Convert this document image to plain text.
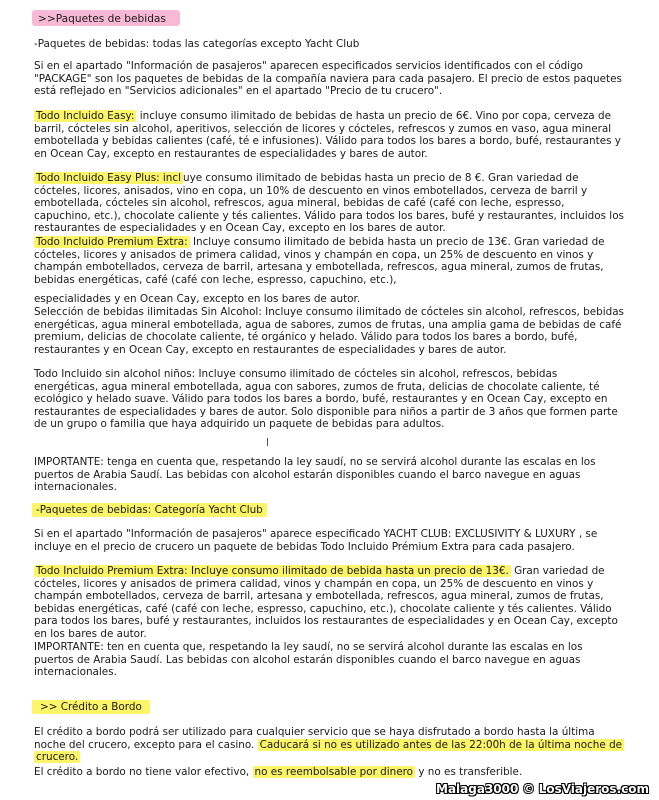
>>Paquetes de bebidas
-Paquetes de bebidas: todas las categorías excepto Yacht Club
Si en el apartado "Información de pasajeros" aparecen especificados servicios identificados con el código "PACKAGE" son los paquetes de bebidas de la compañía naviera para cada pasajero. El precio de estos paquetes está reflejado en "Servicios adicionales" en el apartado "Precio de tu crucero".
Todo Incluido Easy: incluye consumo ilimitado de bebidas de hasta un precio de 6€. Vino por copa, cerveza de barril, cócteles sin alcohol, aperitivos, selección de licores y cócteles, refrescos y zumos en vaso, agua mineral embotellada y bebidas calientes (café, té e infusiones). Válido para todos los bares a bordo, bufé, restaurantes y en Ocean Cay, excepto en restaurantes de especialidades y bares de autor.
Todo Incluido Easy Plus: incl uye consumo ilimitado de bebidas hasta un precio de 8 €. Gran variedad de cócteles, licores, anisados, vino en copa, un 10% de descuento en vinos embotellados, cerveza de barril y embotellada, cócteles sin alcohol, refrescos, agua mineral, bebidas de café (café con leche, espresso, capuchino, etc.), chocolate caliente y tés calientes. Válido para todos los bares, bufé y restaurantes, incluidos los restaurantes de especialidades y en Ocean Cay, excepto en los bares de autor.
Todo Incluido Premium Extra: Incluye consumo ilimitado de bebida hasta un precio de 13€. Gran variedad de cócteles, licores y anisados de primera calidad, vinos y champán en copa, un 25% de descuento en vinos y champán embotellados, cerveza de barril, artesana y embotellada, refrescos, agua mineral, zumos de frutas, bebidas energéticas, café (café con leche, espresso, capuchino, etc.),
especialidades y en Ocean Cay, excepto en los bares de autor.
Selección de bebidas ilimitadas Sin Alcohol: Incluye consumo ilimitado de cócteles sin alcohol, refrescos, bebidas energéticas, agua mineral embotellada, agua de sabores, zumos de frutas, una amplia gama de bebidas de café premium, delicias de chocolate caliente, té orgánico y helado. Válido para todos los bares a bordo, bufé, restaurantes y en Ocean Cay, excepto en restaurantes de especialidades y bares de autor.
Todo Incluido sin alcohol niños: Incluye consumo ilimitado de cócteles sin alcohol, refrescos, bebidas energéticas, agua mineral embotellada, agua con sabores, zumos de fruta, delicias de chocolate caliente, té ecológico y helado suave. Válido para todos los bares a bordo, bufé, restaurantes y en Ocean Cay, excepto en restaurantes de especialidades y bares de autor. Solo disponible para niños a partir de 3 años que formen parte de un grupo o familia que haya adquirido un paquete de bebidas para adultos.
IMPORTANTE: tenga en cuenta que, respetando la ley saudí, no se servirá alcohol durante las escalas en los puertos de Arabia Saudí. Las bebidas con alcohol estarán disponibles cuando el barco navegue en aguas internacionales.
-Paquetes de bebidas: Categoría Yacht Club
Si en el apartado "Información de pasajeros" aparece especificado YACHT CLUB: EXCLUSIVITY & LUXURY , se incluye en el precio de crucero un paquete de bebidas Todo Incluido Prémium Extra para cada pasajero.
Todo Incluido Premium Extra: Incluye consumo ilimitado de bebida hasta un precio de 13€. Gran variedad de cócteles, licores y anisados de primera calidad, vinos y champán en copa, un 25% de descuento en vinos y champán embotellados, cerveza de barril, artesana y embotellada, refrescos, agua mineral, zumos de frutas, bebidas energéticas, café (café con leche, espresso, capuchino, etc.), chocolate caliente y tés calientes. Válido para todos los bares, bufé y restaurantes, incluidos los restaurantes de especialidades y en Ocean Cay, excepto en los bares de autor.
IMPORTANTE: ten en cuenta que, respetando la ley saudí, no se servirá alcohol durante las escalas en los puertos de Arabia Saudí. Las bebidas con alcohol estarán disponibles cuando el barco navegue en aguas internacionales.
>> Crédito a Bordo
El crédito a bordo podrá ser utilizado para cualquier servicio que se haya disfrutado a bordo hasta la última noche del crucero, excepto para el casino. Caducará si no es utilizado antes de las 22:00h de la última noche de crucero.
El crédito a bordo no tiene valor efectivo, no es reembolsable por dinero y no es transferible.
Malaga3000 © LosViajeros.com
